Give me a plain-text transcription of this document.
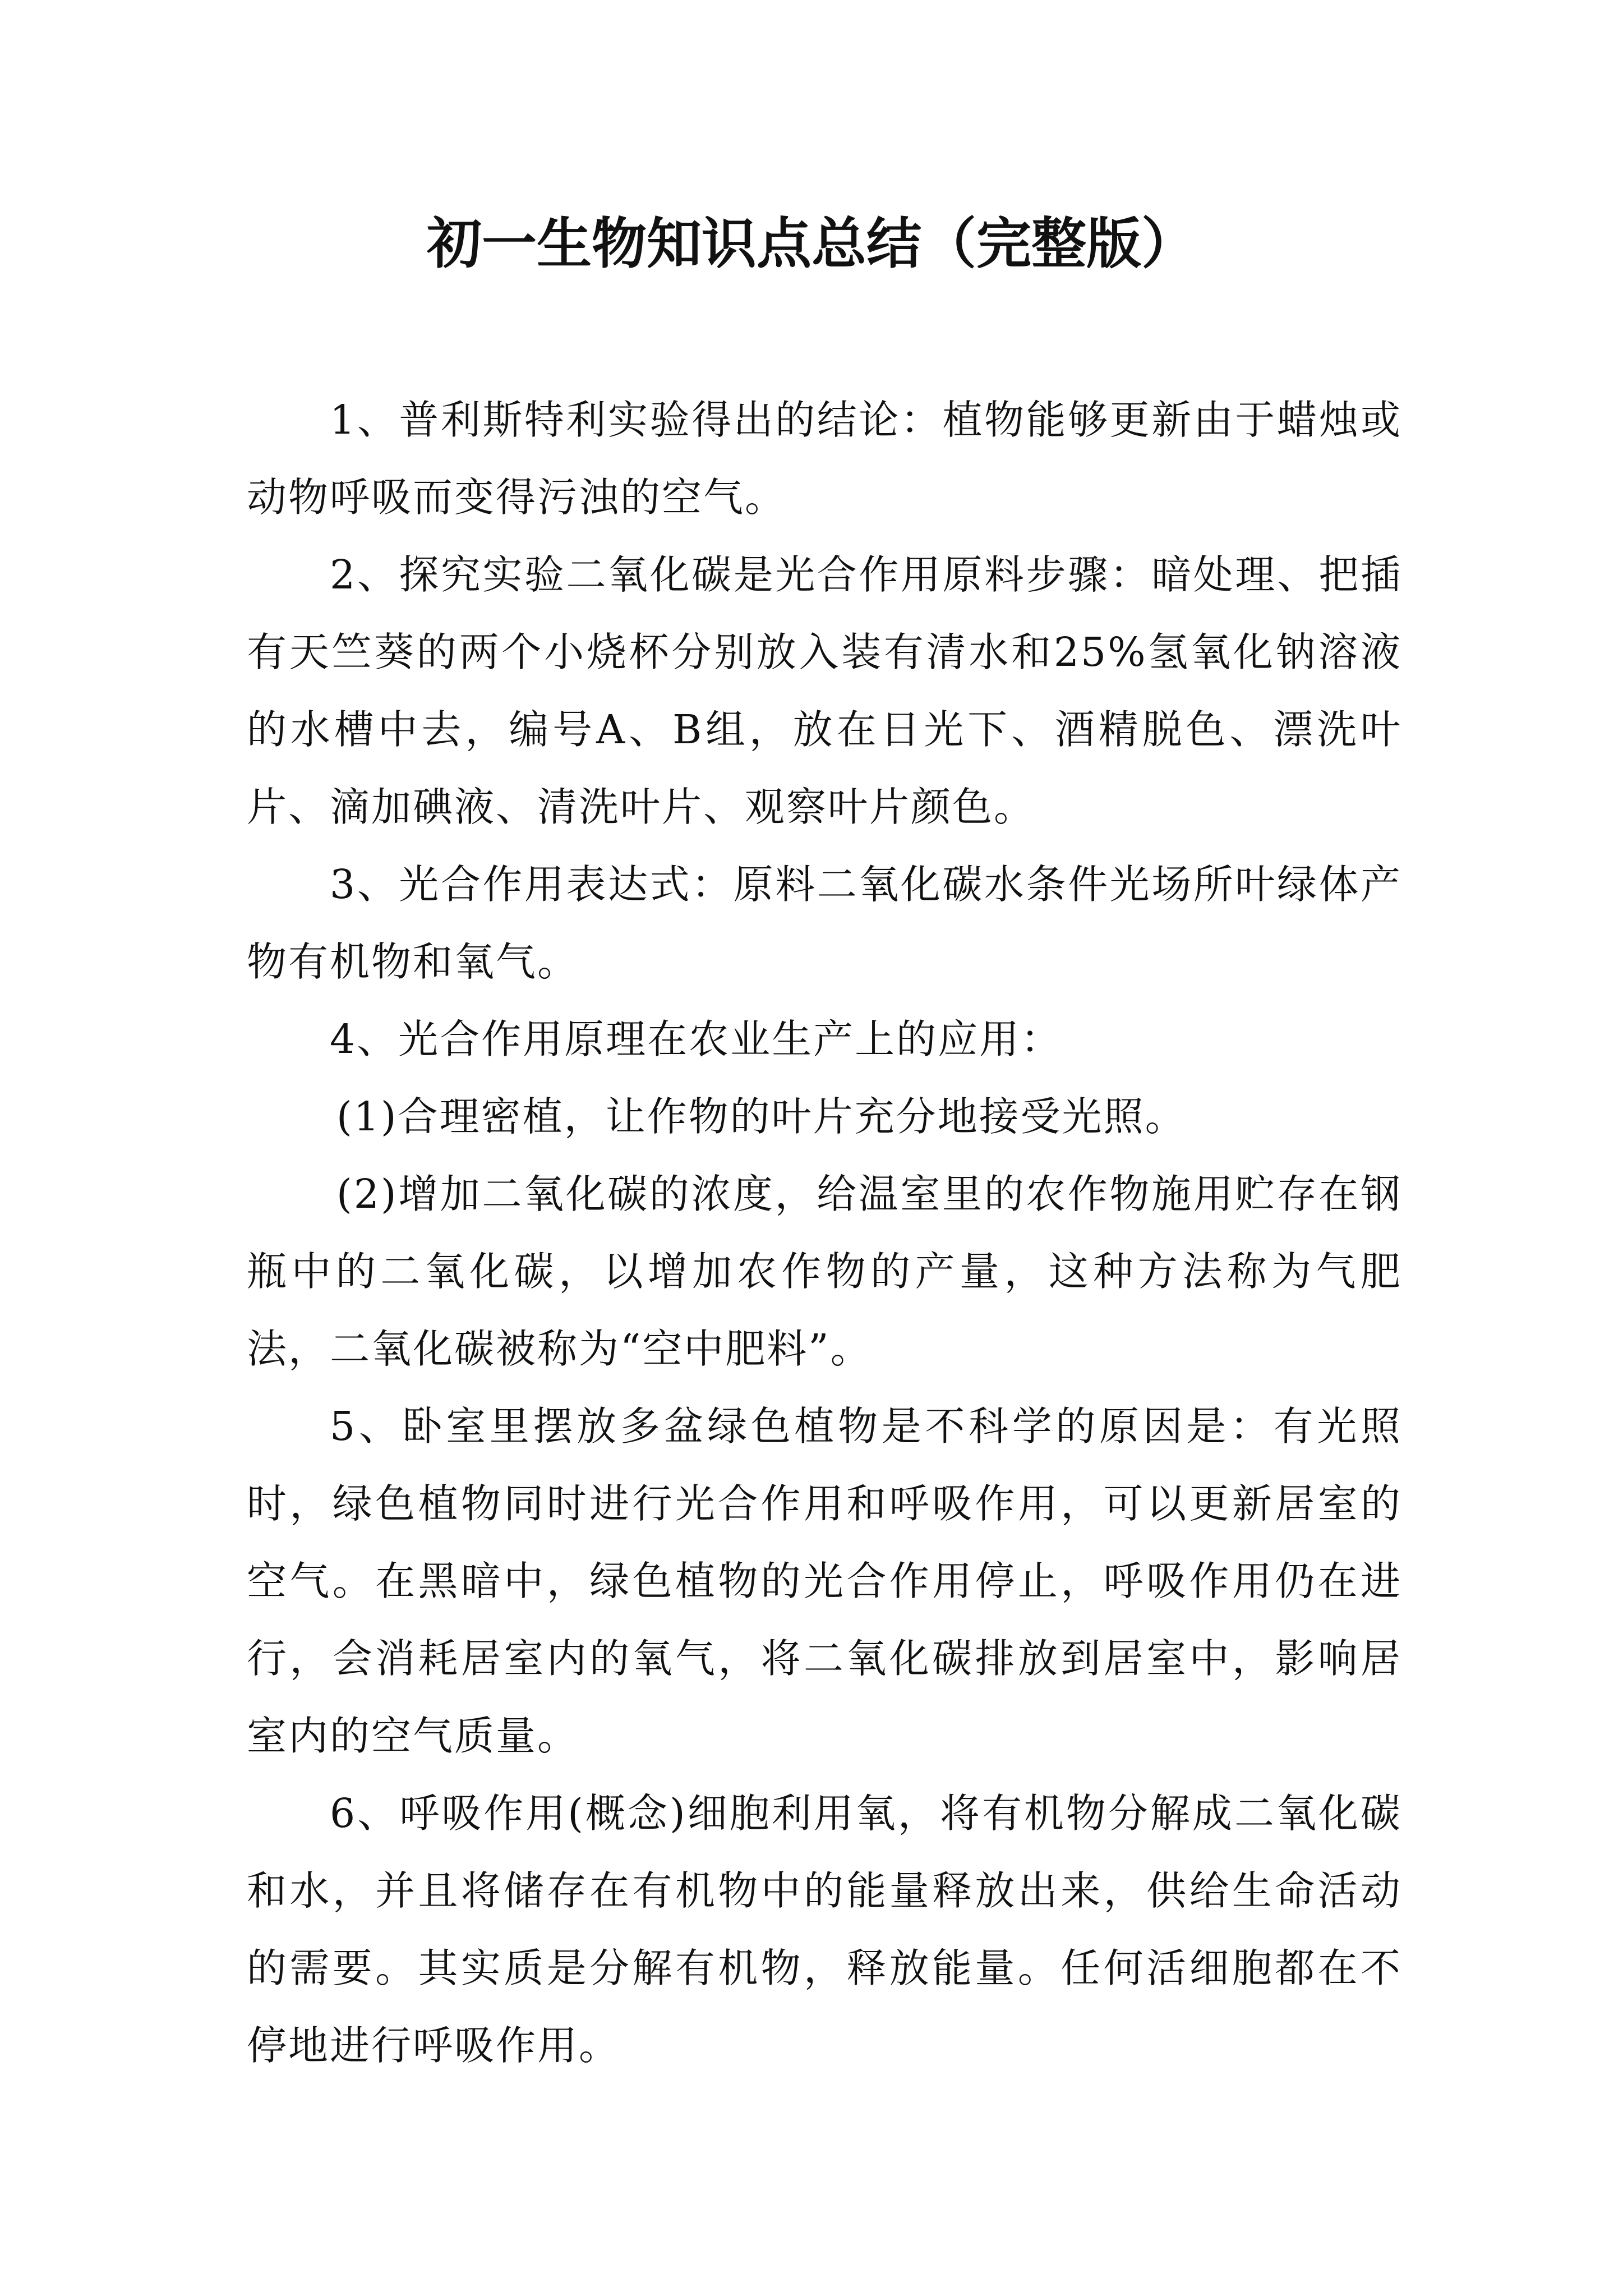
初一生物知识点总结（完整版）

1、普利斯特利实验得出的结论：植物能够更新由于蜡烛或动物呼吸而变得污浊的空气。

2、探究实验二氧化碳是光合作用原料步骤：暗处理、把插有天竺葵的两个小烧杯分别放入装有清水和25%氢氧化钠溶液的水槽中去，编号A、B组，放在日光下、酒精脱色、漂洗叶片、滴加碘液、清洗叶片、观察叶片颜色。

3、光合作用表达式：原料二氧化碳水条件光场所叶绿体产物有机物和氧气。

4、光合作用原理在农业生产上的应用：

(1)合理密植，让作物的叶片充分地接受光照。

(2)增加二氧化碳的浓度，给温室里的农作物施用贮存在钢瓶中的二氧化碳，以增加农作物的产量，这种方法称为气肥法，二氧化碳被称为“空中肥料”。

5、卧室里摆放多盆绿色植物是不科学的原因是：有光照时，绿色植物同时进行光合作用和呼吸作用，可以更新居室的空气。在黑暗中，绿色植物的光合作用停止，呼吸作用仍在进行，会消耗居室内的氧气，将二氧化碳排放到居室中，影响居室内的空气质量。

6、呼吸作用(概念)细胞利用氧，将有机物分解成二氧化碳和水，并且将储存在有机物中的能量释放出来，供给生命活动的需要。其实质是分解有机物，释放能量。任何活细胞都在不停地进行呼吸作用。
